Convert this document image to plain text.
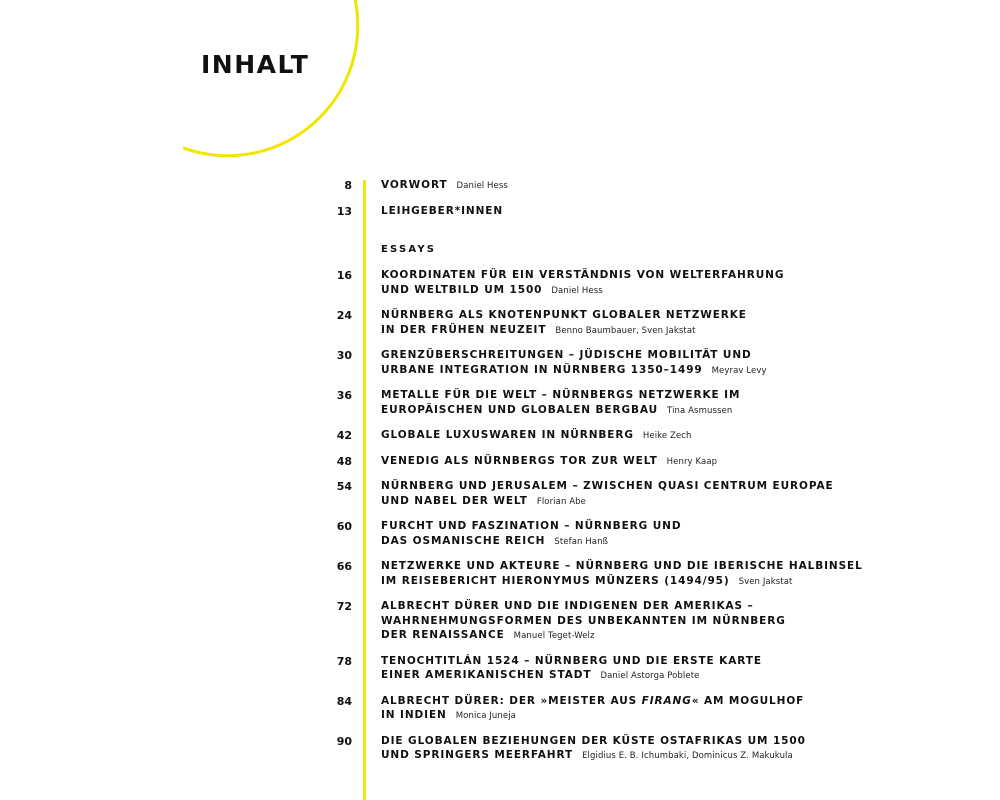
INHALT
ESSAYS
8	VORWORT Daniel Hess
13	LEIHGEBER*INNEN
16	KOORDINATEN FÜR EIN VERSTÄNDNIS VON WELTERFAHRUNG
UND WELTBILD UM 1500 Daniel Hess
24	NÜRNBERG ALS KNOTENPUNKT GLOBALER NETZWERKE
IN DER FRÜHEN NEUZEIT Benno Baumbauer, Sven Jakstat
30	GRENZÜBERSCHREITUNGEN – JÜDISCHE MOBILITÄT UND
URBANE INTEGRATION IN NÜRNBERG 1350–1499 Meyrav Levy
36	METALLE FÜR DIE WELT – NÜRNBERGS NETZWERKE IM
EUROPÄISCHEN UND GLOBALEN BERGBAU Tina Asmussen
42	GLOBALE LUXUSWAREN IN NÜRNBERG Heike Zech
48	VENEDIG ALS NÜRNBERGS TOR ZUR WELT Henry Kaap
54	NÜRNBERG UND JERUSALEM – ZWISCHEN QUASI CENTRUM EUROPAE
UND NABEL DER WELT Florian Abe
60	FURCHT UND FASZINATION – NÜRNBERG UND
DAS OSMANISCHE REICH Stefan Hanß
66	NETZWERKE UND AKTEURE – NÜRNBERG UND DIE IBERISCHE HALBINSEL
IM REISEBERICHT HIERONYMUS MÜNZERS (1494/95) Sven Jakstat
72	ALBRECHT DÜRER UND DIE INDIGENEN DER AMERIKAS –
WAHRNEHMUNGSFORMEN DES UNBEKANNTEN IM NÜRNBERG
DER RENAISSANCE Manuel Teget-Welz
78	TENOCHTITLÁN 1524 – NÜRNBERG UND DIE ERSTE KARTE
EINER AMERIKANISCHEN STADT Daniel Astorga Poblete
84	ALBRECHT DÜRER: DER »MEISTER AUS FIRANG« AM MOGULHOF
IN INDIEN Monica Juneja
90	DIE GLOBALEN BEZIEHUNGEN DER KÜSTE OSTAFRIKAS UM 1500
UND SPRINGERS MEERFAHRT Elgidius E. B. Ichumbaki, Dominicus Z. Makukula
